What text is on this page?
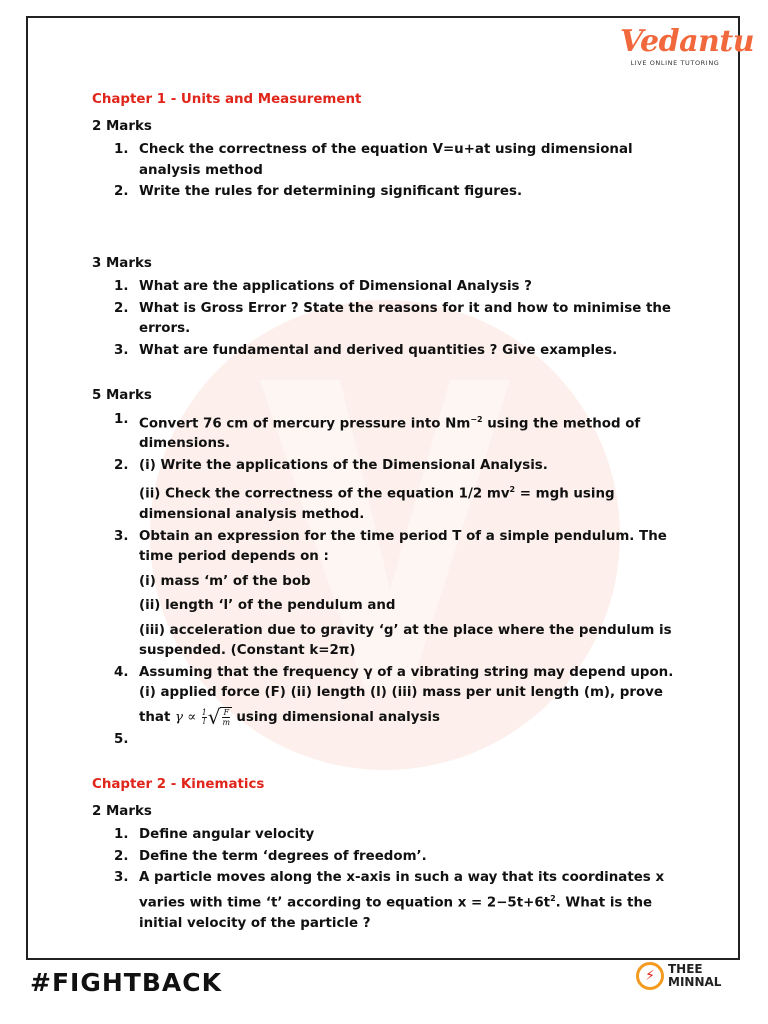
Vedantu
LIVE ONLINE TUTORING
Chapter 1 - Units and Measurement
2 Marks
1. Check the correctness of the equation V=u+at using dimensional analysis method
2. Write the rules for determining significant figures.
3 Marks
1. What are the applications of Dimensional Analysis ?
2. What is Gross Error ? State the reasons for it and how to minimise the errors.
3. What are fundamental and derived quantities ? Give examples.
5 Marks
1. Convert 76 cm of mercury pressure into $Nm^{-2}$ using the method of dimensions.
2. (i) Write the applications of the Dimensional Analysis.
(ii) Check the correctness of the equation 1/2 $mv^2$ = mgh using dimensional analysis method.
3. Obtain an expression for the time period T of a simple pendulum. The time period depends on :
(i) mass ‘m’ of the bob
(ii) length ‘l’ of the pendulum and
(iii) acceleration due to gravity ‘g’ at the place where the pendulum is suspended. (Constant k=2π)
4. Assuming that the frequency γ of a vibrating string may depend upon.
(i) applied force (F) (ii) length (l) (iii) mass per unit length (m), prove
that $\gamma \propto \frac{1}{l}$ √ $\frac{F}{m}$ using dimensional analysis
5.

Chapter 2 - Kinematics
2 Marks
1. Define angular velocity
2. Define the term ‘degrees of freedom’.
3. A particle moves along the x-axis in such a way that its coordinates x varies with time ‘t’ according to equation $x = 2-5t+6t^2$. What is the initial velocity of the particle ?
#FIGHTBACK	⚡	THEE
MINNAL
